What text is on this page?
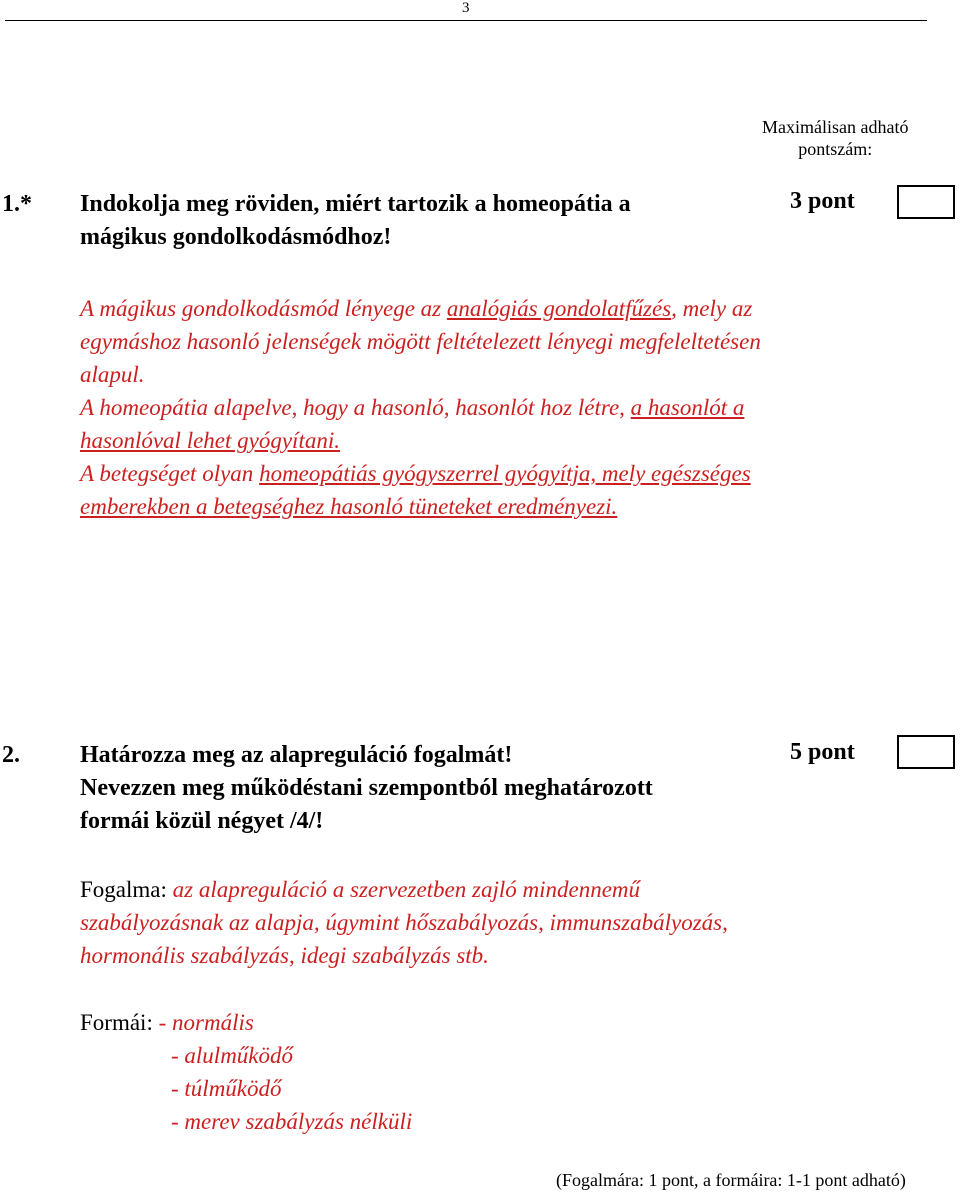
3
Maximálisan adható
pontszám:
1.* Indokolja meg röviden, miért tartozik a homeopátia a
mágikus gondolkodásmódhoz!
3 pont
A mágikus gondolkodásmód lényege az analógiás gondolatfűzés, mely az
egymáshoz hasonló jelenségek mögött feltételezett lényegi megfeleltetésen
alapul.
A homeopátia alapelve, hogy a hasonló, hasonlót hoz létre, a hasonlót a
hasonlóval lehet gyógyítani.
A betegséget olyan homeopátiás gyógyszerrel gyógyítja, mely egészséges
emberekben a betegséghez hasonló tüneteket eredményezi.
2.	Határozza meg az alapreguláció fogalmát!
Nevezzen meg működéstani szempontból meghatározott
formái közül négyet /4/!
5 pont
Fogalma: az alapreguláció a szervezetben zajló mindennemű
szabályozásnak az alapja, úgymint hőszabályozás, immunszabályozás,
hormonális szabályzás, idegi szabályzás stb.
Formái: - normális
- alulműködő
- túlműködő
- merev szabályzás nélküli
(Fogalmára: 1 pont, a formáira: 1-1 pont adható)
